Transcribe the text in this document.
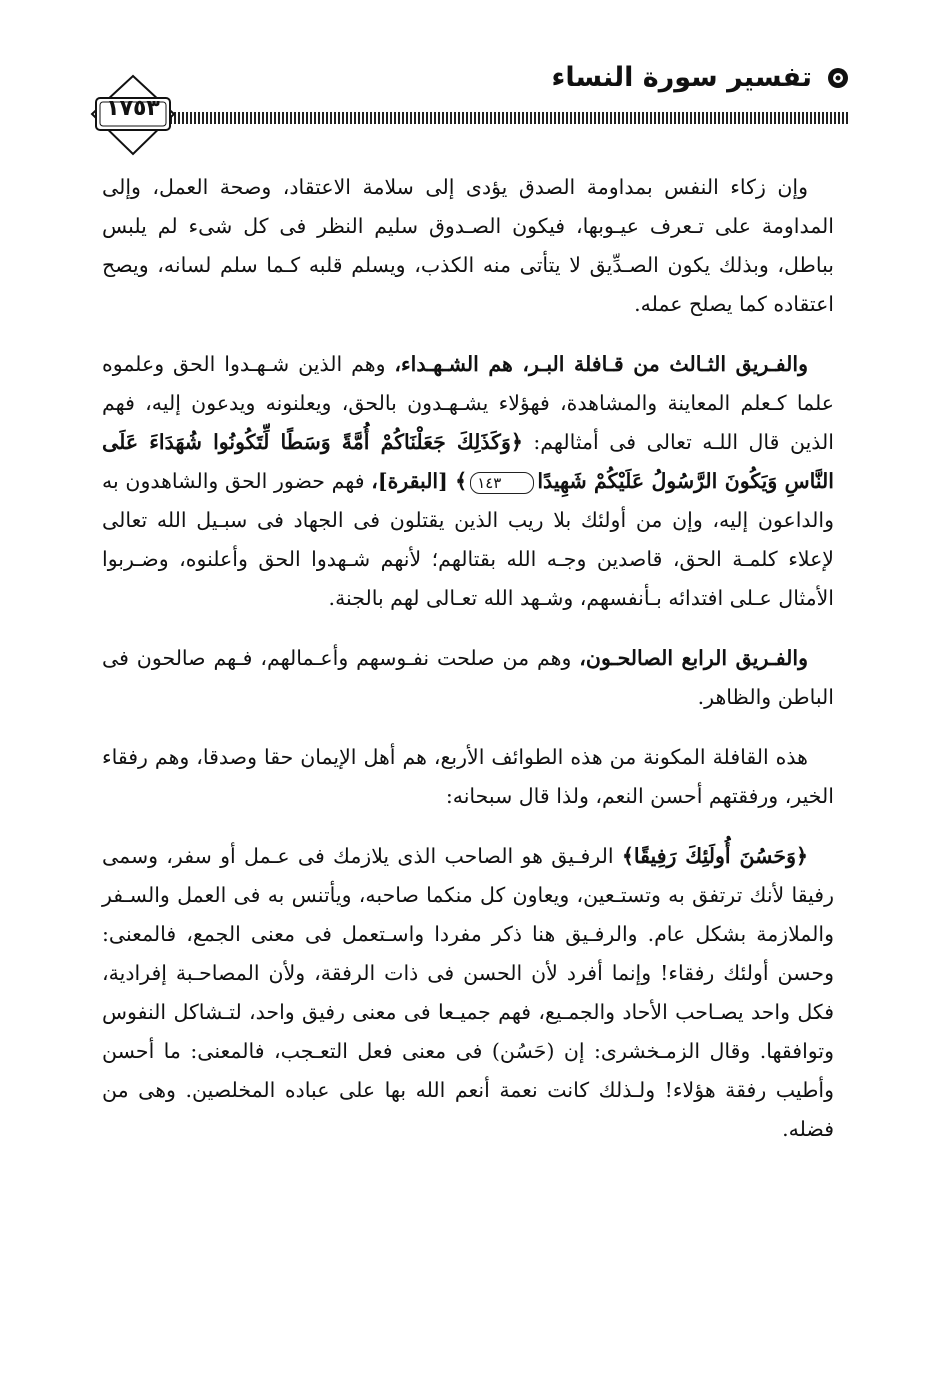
تفسير سورة النساء
١٧٥٣

وإن زكاء النفس بمداومة الصدق يؤدى إلى سلامة الاعتقاد، وصحة العمل، وإلى المداومة على تـعرف عيـوبها، فيكون الصـدوق سليم النظر فى كل شىء لم يلبس بباطل، وبذلك يكون الصـدِّيق لا يتأتى منه الكذب، ويسلم قلبه كـما سلم لسانه، ويصح اعتقاده كما يصلح عمله.

والفـريق الثـالث من قـافلة البـر، هم الشـهـداء، وهم الذين شـهـدوا الحق وعلموه علما كـعلم المعاينة والمشاهدة، فهؤلاء يشـهـدون بالحق، ويعلنونه ويدعون إليه، فهم الذين قال اللـه تعالى فى أمثالهم: ﴿وَكَذَلِكَ جَعَلْنَاكُمْ أُمَّةً وَسَطًا لِّتَكُونُوا شُهَدَاءَ عَلَى النَّاسِ وَيَكُونَ الرَّسُولُ عَلَيْكُمْ شَهِيدًا١٤٣﴾ [البقرة]، فهم حضور الحق والشاهدون به والداعون إليه، وإن من أولئك بلا ريب الذين يقتلون فى الجهاد فى سبـيل الله تعالى لإعلاء كلمـة الحق، قاصدين وجـه الله بقتالهم؛ لأنهم شـهدوا الحق وأعلنوه، وضـربوا الأمثال عـلى افتدائه بـأنفسهم، وشـهد الله تعـالى لهم بالجنة.

والفـريق الرابع الصالحـون، وهم من صلحت نفـوسهم وأعـمالهم، فـهم صالحون فى الباطن والظاهر.

هذه القافلة المكونة من هذه الطوائف الأربع، هم أهل الإيمان حقا وصدقا، وهم رفقاء الخير، ورفقتهم أحسن النعم، ولذا قال سبحانه:

﴿وَحَسُنَ أُولَئِكَ رَفِيقًا﴾ الرفـيق هو الصاحب الذى يلازمك فى عـمل أو سفر، وسمى رفيقا لأنك ترتفق به وتستـعين، ويعاون كل منكما صاحبه، ويأتنس به فى العمل والسـفر والملازمة بشكل عام. والرفـيق هنا ذكر مفردا واسـتعمل فى معنى الجمع، فالمعنى: وحسن أولئك رفقاء! وإنما أفرد لأن الحسن فى ذات الرفقة، ولأن المصاحـبة إفرادية، فكل واحد يصـاحب الأحاد والجمـيع، فهم جميـعا فى معنى رفيق واحد، لتـشاكل النفوس وتوافقها. وقال الزمـخشرى: إن (حَسُن) فى معنى فعل التعـجب، فالمعنى: ما أحسن وأطيب رفقة هؤلاء! ولـذلك كانت نعمة أنعم الله بها على عباده المخلصين. وهى من فضله.
